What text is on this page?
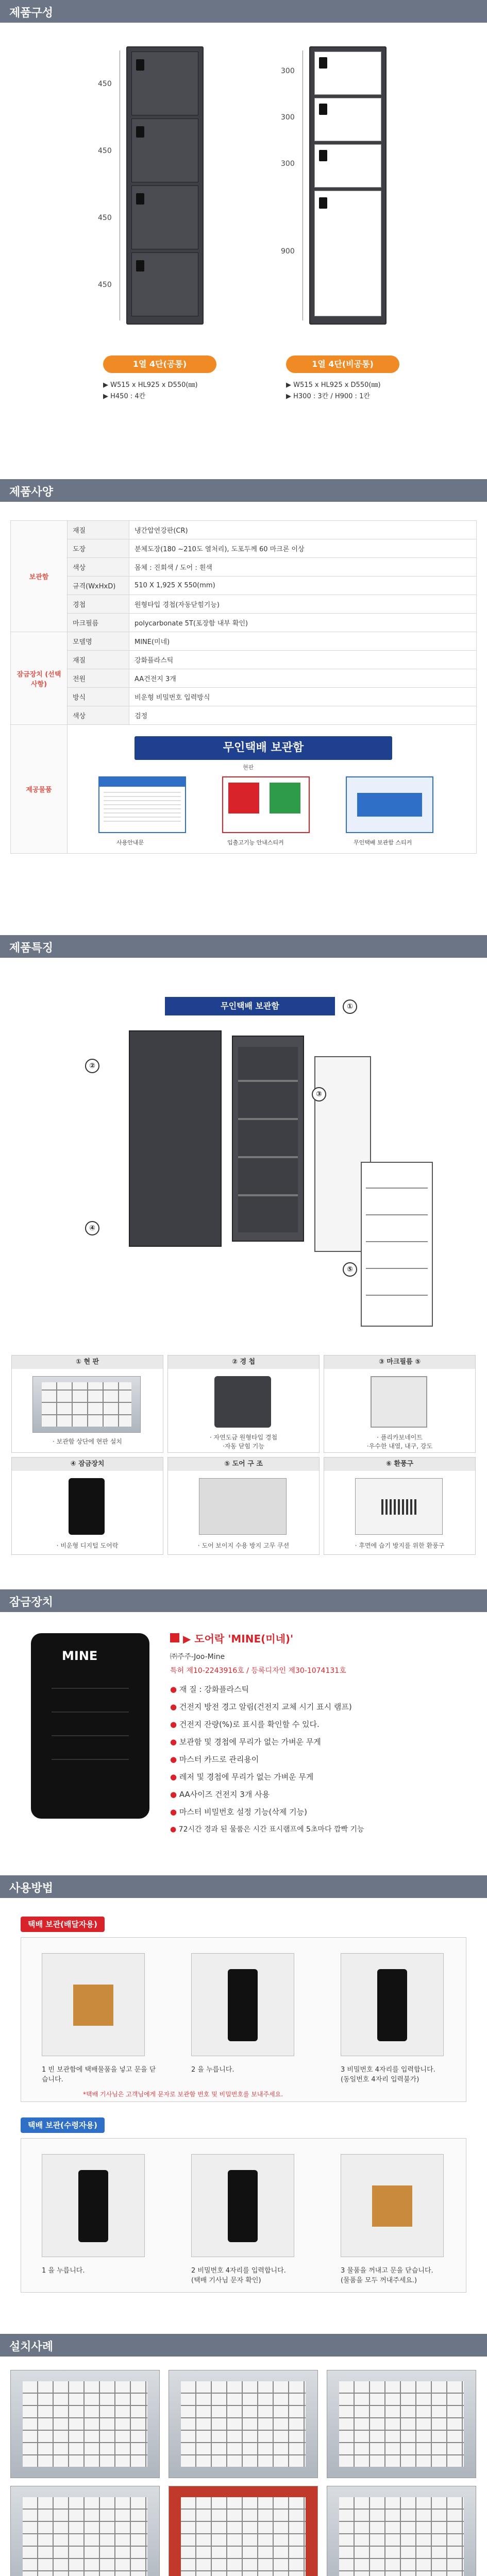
제품구성
450
450
450
450
300
300
300
900
1열 4단(공통)
▶ W515 x HL925 x D550(㎜)
▶ H450 : 4칸
1열 4단(비공통)
▶ W515 x HL925 x D550(㎜)
▶ H300 : 3칸 / H900 : 1칸
제품사양
보관함	재질	냉간압연강판(CR)
	도장	분체도장(180 ~210도 열처리), 도포두께 60 마크론 이상
	색상	몸체 : 진회색 / 도어 : 흰색
	규격(WxHxD)	510 X 1,925 X 550(mm)
	경첩	원형타입 경첩(자동닫힘기능)
	마크필름	polycarbonate 5T(포장함 내부 확인)
잠금장치 (선택사항)	모델명	MINE(미네)
	재질	강화플라스틱
	전원	AA건전지 3개
	방식	비운형 비밀번호 입력방식
	색상	검정
제공물품	무인택배 보관함
현판
사용안내문 입출고기능 안내스티커 무인택배 보관함 스티커	
제품특징
무인택배 보관함	①
②
③
④
⑤
① 현 판
· 보관함 상단에 현판 설치
② 경 첩
· 자연도금 원형타입 경첩
·자동 닫힘 기능
③ 마크필름 ⑤
· 플리카보네이트
·우수한 내열, 내구, 강도
④ 잠금장치
· 비운형 디지털 도어락
⑤ 도어 구 조
· 도어 보이지 수용 방지 고무 쿠션
⑥ 환풍구
· 후면에 습기 방지를 위한 환풍구
잠금장치
MINE
▶ 도어락 'MINE(미네)'
㈜주주-Joo-Mine
특허 제10-2243916호 / 등록디자인 제30-1074131호
● 재 질 : 강화플라스틱
● 건전지 방전 경고 알림(건전지 교체 시기 표시 램프)
● 건전지 잔량(%)로 표시를 확인할 수 있다.
● 보관함 및 경첩에 무리가 없는 가벼운 무게
● 마스터 카드로 관리용이
● 레저 및 경첩에 무리가 없는 가벼운 무게
● AA사이즈 건전지 3개 사용
● 마스터 비밀번호 설정 기능(삭제 기능)
● 72시간 경과 된 물품은 시간 표시램프에 5초마다 깜빡 기능
사용방법
택배 보관(배달자용)
1 빈 보관함에 택배물품을 넣고 문을 닫습니다.
2 을 누릅니다.	3 비밀번호 4자리를 입력합니다.
(동일번호 4자리 입력불가)
*택배 기사님은 고객님에게 문자로 보관함 번호 및 비밀번호를 보내주세요.
택배 보관(수령자용)
1 을 누릅니다.	2 비밀번호 4자리를 입력합니다.
(택배 기사님 문자 확인)
3 물품을 꺼내고 문을 닫습니다.
(물품을 모두 꺼내주세요.)
설치사례
